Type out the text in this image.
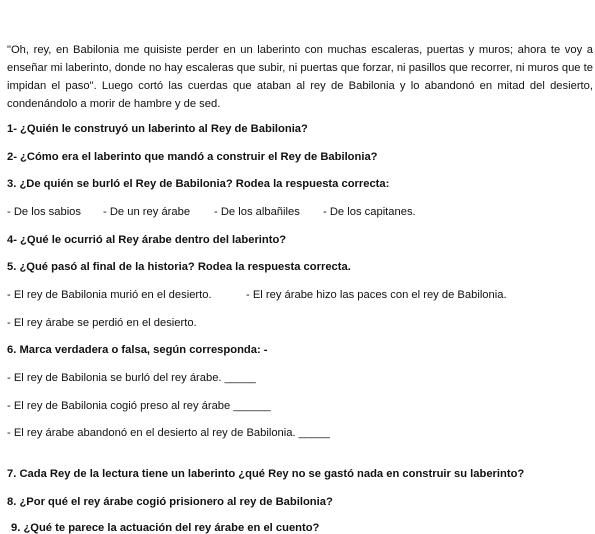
"Oh, rey, en Babilonia me quisiste perder en un laberinto con muchas escaleras, puertas y muros; ahora te voy a enseñar mi laberinto, donde no hay escaleras que subir, ni puertas que forzar, ni pasillos que recorrer, ni muros que te impidan el paso". Luego cortó las cuerdas que ataban al rey de Babilonia y lo abandonó en mitad del desierto, condenándolo a morir de hambre y de sed.
1- ¿Quién le construyó un laberinto al Rey de Babilonia?
2- ¿Cómo era el laberinto que mandó a construir el Rey de Babilonia?
3. ¿De quién se burló el Rey de Babilonia? Rodea la respuesta correcta:
- De los sabios - De un rey árabe - De los albañiles - De los capitanes.
4- ¿Qué le ocurrió al Rey árabe dentro del laberinto?
5. ¿Qué pasó al final de la historia? Rodea la respuesta correcta.
- El rey de Babilonia murió en el desierto.	- El rey árabe hizo las paces con el rey de Babilonia.
- El rey árabe se perdió en el desierto.
6. Marca verdadera o falsa, según corresponda: -
- El rey de Babilonia se burló del rey árabe. _____
- El rey de Babilonia cogió preso al rey árabe ______
- El rey árabe abandonó en el desierto al rey de Babilonia. _____
7. Cada Rey de la lectura tiene un laberinto ¿qué Rey no se gastó nada en construir su laberinto?
8. ¿Por qué el rey árabe cogió prisionero al rey de Babilonia?
9. ¿Qué te parece la actuación del rey árabe en el cuento?
